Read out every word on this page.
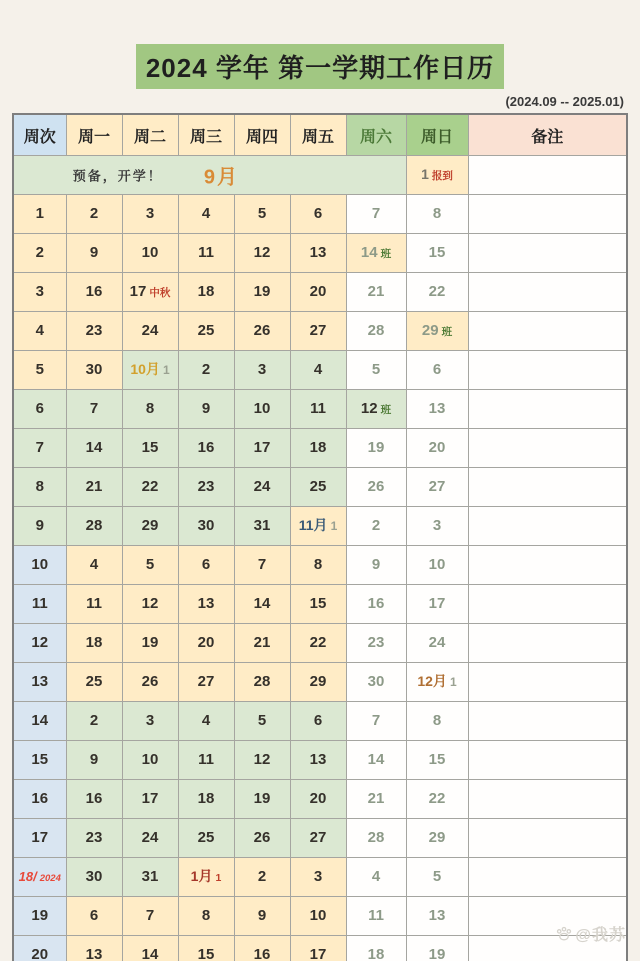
2024 学年 第一学期工作日历
(2024.09 -- 2025.01)
周次	周一	周二	周三	周四	周五	周六	周日	备注

预备，开学！ 9月							1 报到	
1	2	3	4	5	6	7	8	
2	9	10	11	12	13	14 班	15	
3	16	17 中秋	18	19	20	21	22	
4	23	24	25	26	27	28	29 班	
5	30	10月 1	2	3	4	5	6	
6	7	8	9	10	11	12 班	13	
7	14	15	16	17	18	19	20	
8	21	22	23	24	25	26	27	
9	28	29	30	31	11月 1	2	3	
10	4	5	6	7	8	9	10	
11	11	12	13	14	15	16	17	
12	18	19	20	21	22	23	24	
13	25	26	27	28	29	30	12月 1	
14	2	3	4	5	6	7	8	
15	9	10	11	12	13	14	15	
16	16	17	18	19	20	21	22	
17	23	24	25	26	27	28	29	
18/ 2024	30	31	1月 1	2	3	4	5	
19	6	7	8	9	10	11	13	
20	13	14	15	16	17	18	19	
@我苏
